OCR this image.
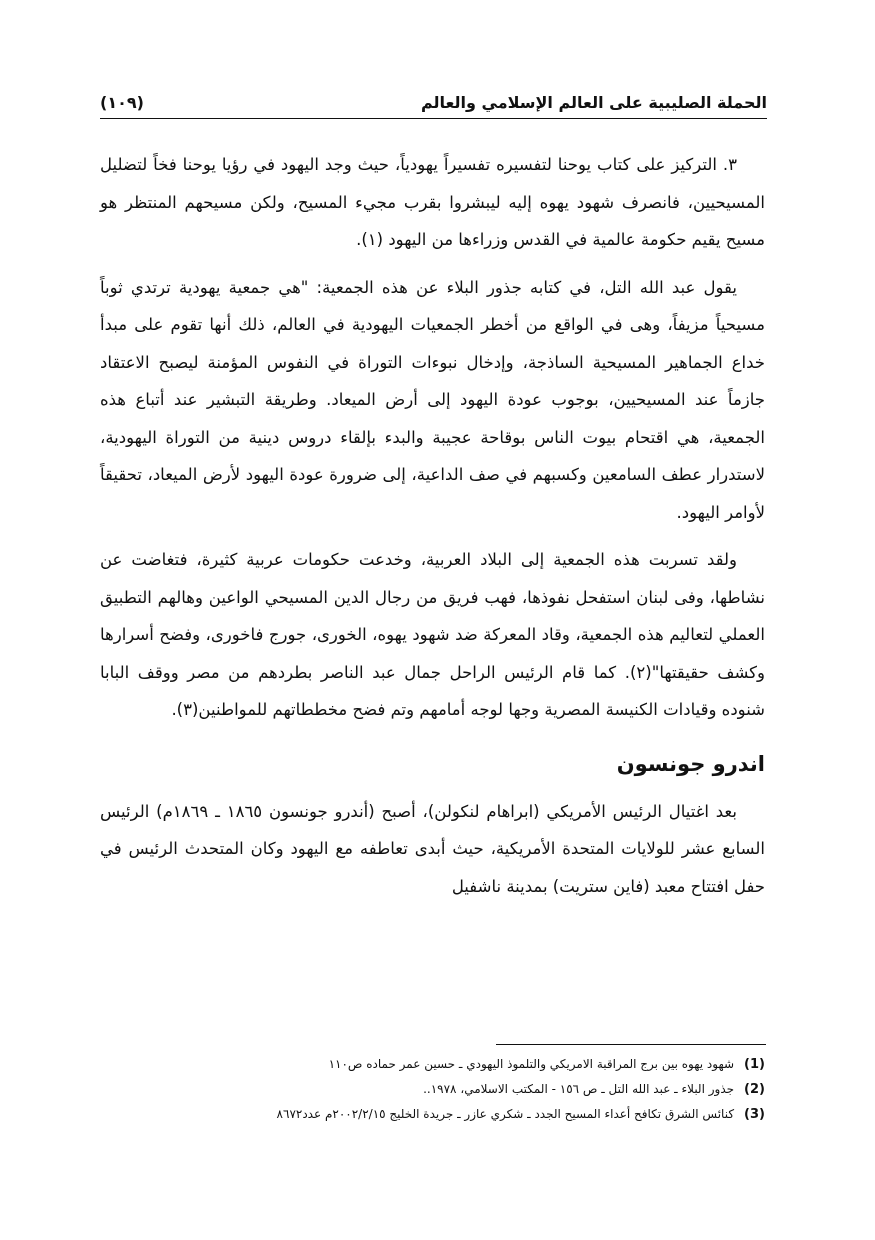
الحملة الصليبية على العالم الإسلامي والعالم
(١٠٩)

٣. التركيز على كتاب يوحنا لتفسيره تفسيراً يهودياً، حيث وجد اليهود في رؤيا يوحنا فخاً لتضليل المسيحيين، فانصرف شهود يهوه إليه ليبشروا بقرب مجيء المسيح، ولكن مسيحهم المنتظر هو مسيح يقيم حكومة عالمية في القدس وزراءها من اليهود (١).

يقول عبد الله التل، في كتابه جذور البلاء عن هذه الجمعية: "هي جمعية يهودية ترتدي ثوباً مسيحياً مزيفاً، وهى في الواقع من أخطر الجمعيات اليهودية في العالم، ذلك أنها تقوم على مبدأ خداع الجماهير المسيحية الساذجة، وإدخال نبوءات التوراة في النفوس المؤمنة ليصبح الاعتقاد جازماً عند المسيحيين، بوجوب عودة اليهود إلى أرض الميعاد. وطريقة التبشير عند أتباع هذه الجمعية، هي اقتحام بيوت الناس بوقاحة عجيبة والبدء بإلقاء دروس دينية من التوراة اليهودية، لاستدرار عطف السامعين وكسبهم في صف الداعية، إلى ضرورة عودة اليهود لأرض الميعاد، تحقيقاً لأوامر اليهود.

ولقد تسربت هذه الجمعية إلى البلاد العربية، وخدعت حكومات عربية كثيرة، فتغاضت عن نشاطها، وفى لبنان استفحل نفوذها، فهب فريق من رجال الدين المسيحي الواعين وهالهم التطبيق العملي لتعاليم هذه الجمعية، وقاد المعركة ضد شهود يهوه، الخورى، جورج فاخورى، وفضح أسرارها وكشف حقيقتها"(٢). كما قام الرئيس الراحل جمال عبد الناصر بطردهم من مصر ووقف البابا شنوده وقيادات الكنيسة المصرية وجها لوجه أمامهم وتم فضح مخططاتهم للمواطنين(٣).

اندرو جونسون

بعد اغتيال الرئيس الأمريكي (ابراهام لنكولن)، أصبح (أندرو جونسون ١٨٦٥ ـ ١٨٦٩م) الرئيس السابع عشر للولايات المتحدة الأمريكية، حيث أبدى تعاطفه مع اليهود وكان المتحدث الرئيس في حفل افتتاح معبد (فاين ستريت) بمدينة ناشفيل

(1)
شهود يهوه بين برج المراقبة الامريكي والتلموذ اليهودي ـ حسين عمر حماده ص١١٠
(2)
جذور البلاء ـ عبد الله التل ـ ص ١٥٦ - المكتب الاسلامي، ١٩٧٨..
(3)
كنائس الشرق تكافح أعداء المسيح الجدد ـ شكري عازر ـ جريدة الخليج ٢٠٠٢/٢/١٥م عدد٨٦٧٢
